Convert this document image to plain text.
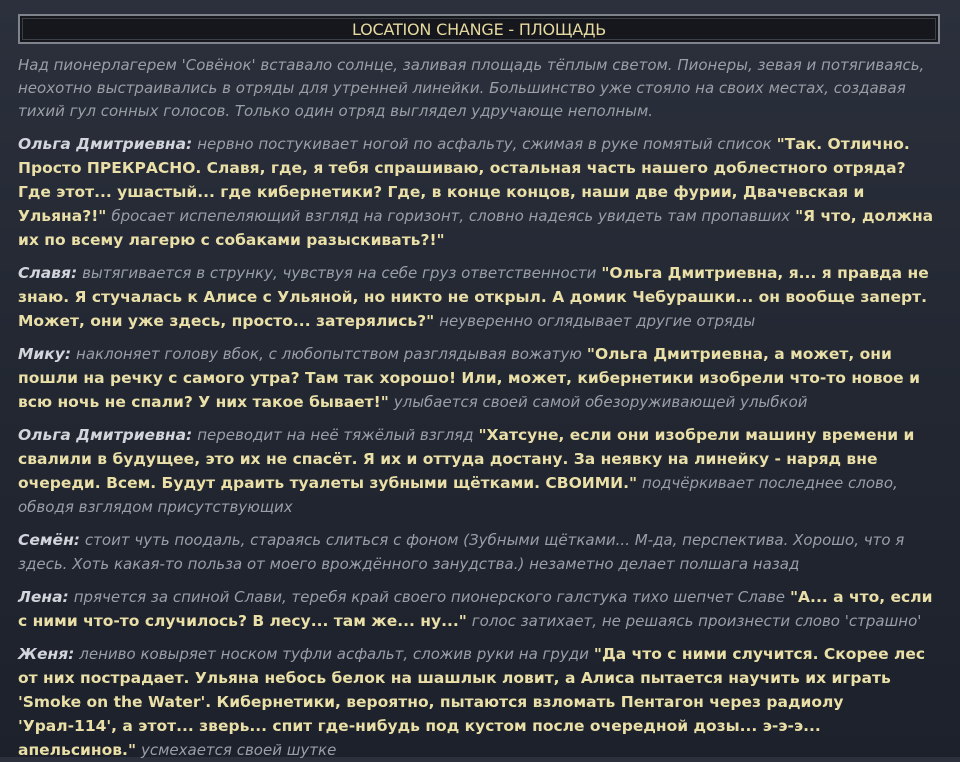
LOCATION CHANGE - ПЛОЩАДЬ
Над пионерлагерем 'Совёнок' вставало солнце, заливая площадь тёплым светом. Пионеры, зевая и потягиваясь, неохотно выстраивались в отряды для утренней линейки. Большинство уже стояло на своих местах, создавая тихий гул сонных голосов. Только один отряд выглядел удручающе неполным.
Ольга Дмитриевна: нервно постукивает ногой по асфальту, сжимая в руке помятый список "Так. Отлично. Просто ПРЕКРАСНО. Славя, где, я тебя спрашиваю, остальная часть нашего доблестного отряда? Где этот... ушастый... где кибернетики? Где, в конце концов, наши две фурии, Двачевская и Ульяна?!" бросает испепеляющий взгляд на горизонт, словно надеясь увидеть там пропавших "Я что, должна их по всему лагерю с собаками разыскивать?!"
Славя: вытягивается в струнку, чувствуя на себе груз ответственности "Ольга Дмитриевна, я... я правда не знаю. Я стучалась к Алисе с Ульяной, но никто не открыл. А домик Чебурашки... он вообще заперт. Может, они уже здесь, просто... затерялись?" неуверенно оглядывает другие отряды
Мику: наклоняет голову вбок, с любопытством разглядывая вожатую "Ольга Дмитриевна, а может, они пошли на речку с самого утра? Там так хорошо! Или, может, кибернетики изобрели что-то новое и всю ночь не спали? У них такое бывает!" улыбается своей самой обезоруживающей улыбкой
Ольга Дмитриевна: переводит на неё тяжёлый взгляд "Хатсуне, если они изобрели машину времени и свалили в будущее, это их не спасёт. Я их и оттуда достану. За неявку на линейку - наряд вне очереди. Всем. Будут драить туалеты зубными щётками. СВОИМИ." подчёркивает последнее слово, обводя взглядом присутствующих
Семён: стоит чуть поодаль, стараясь слиться с фоном (Зубными щётками... М-да, перспектива. Хорошо, что я здесь. Хоть какая-то польза от моего врождённого занудства.) незаметно делает полшага назад
Лена: прячется за спиной Слави, теребя край своего пионерского галстука тихо шепчет Славе "А... а что, если с ними что-то случилось? В лесу... там же... ну..." голос затихает, не решаясь произнести слово 'страшно'
Женя: лениво ковыряет носком туфли асфальт, сложив руки на груди "Да что с ними случится. Скорее лес от них пострадает. Ульяна небось белок на шашлык ловит, а Алиса пытается научить их играть 'Smoke on the Water'. Кибернетики, вероятно, пытаются взломать Пентагон через радиолу 'Урал-114', а этот... зверь... спит где-нибудь под кустом после очередной дозы... э-э-э... апельсинов." усмехается своей шутке
